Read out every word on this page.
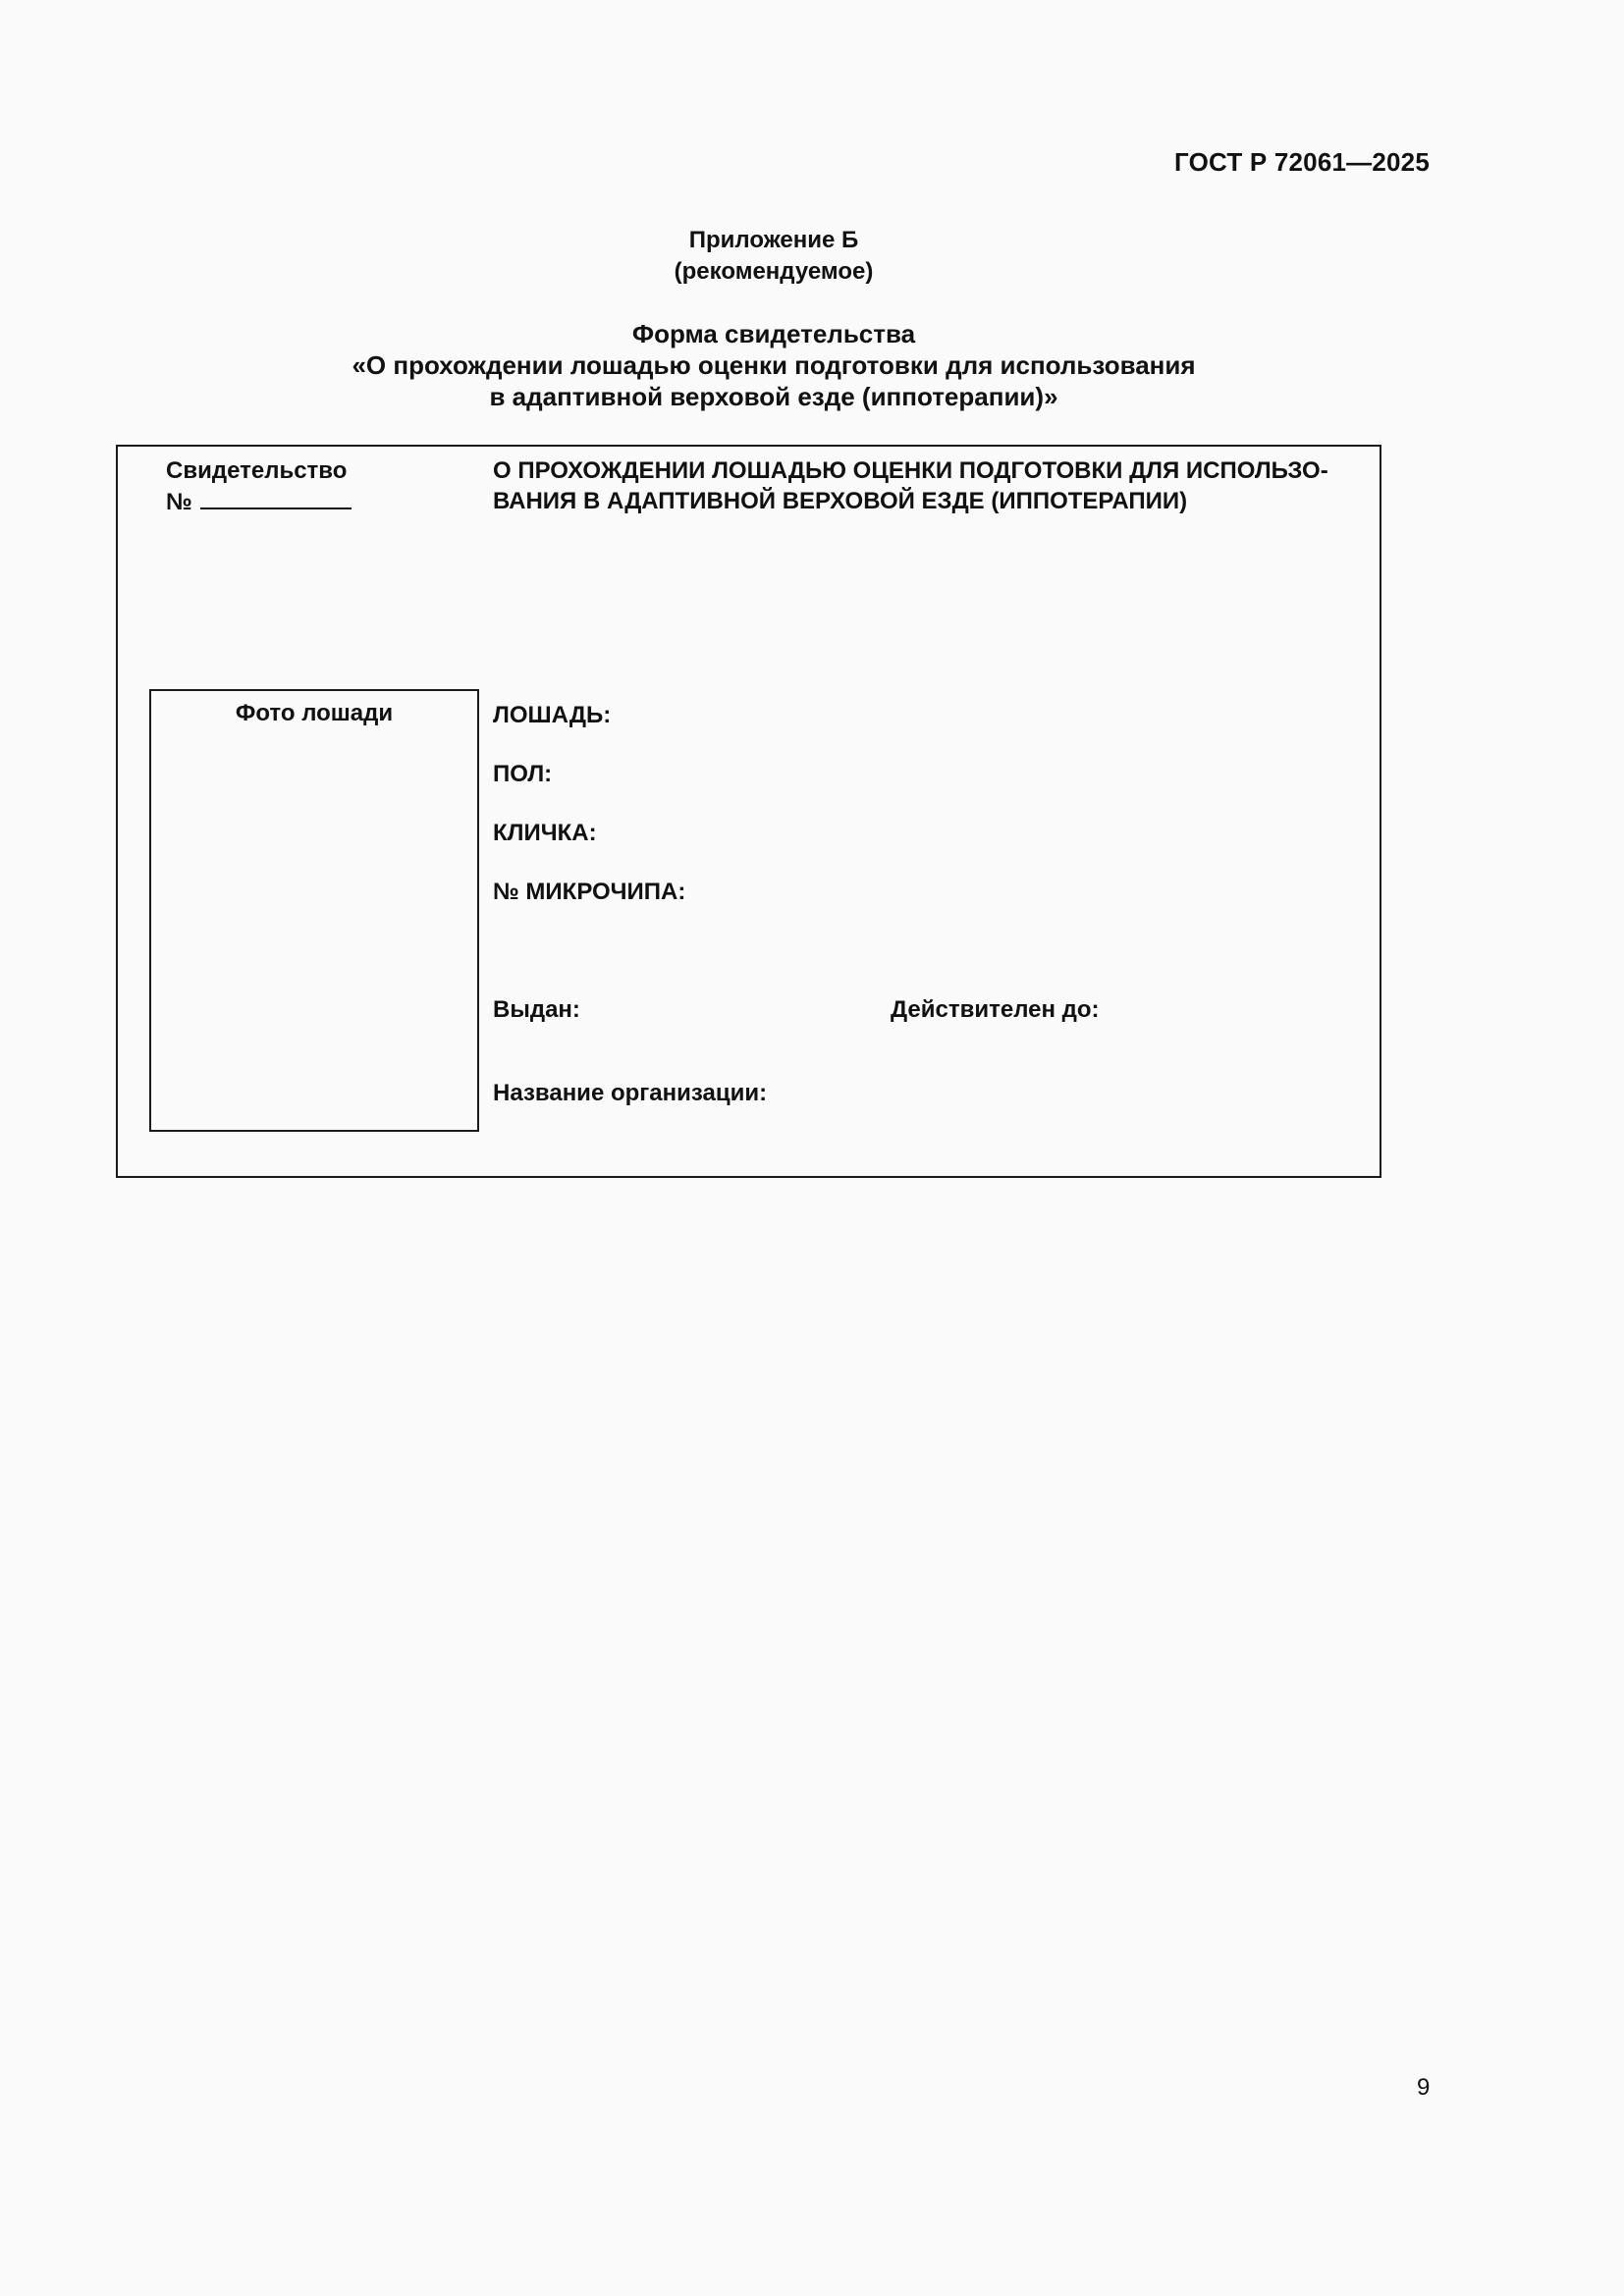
ГОСТ Р 72061—2025
Приложение Б
(рекомендуемое)
Форма свидетельства
«О прохождении лошадью оценки подготовки для использования
в адаптивной верховой езде (иппотерапии)»
Свидетельство
№
О ПРОХОЖДЕНИИ ЛОШАДЬЮ ОЦЕНКИ ПОДГОТОВКИ ДЛЯ ИСПОЛЬЗО-
ВАНИЯ В АДАПТИВНОЙ ВЕРХОВОЙ ЕЗДЕ (ИППОТЕРАПИИ)
Фото лошади	ЛОШАДЬ:
ПОЛ:
КЛИЧКА:
№ МИКРОЧИПА:
Выдан:	Действителен до:
Название организации:
9
